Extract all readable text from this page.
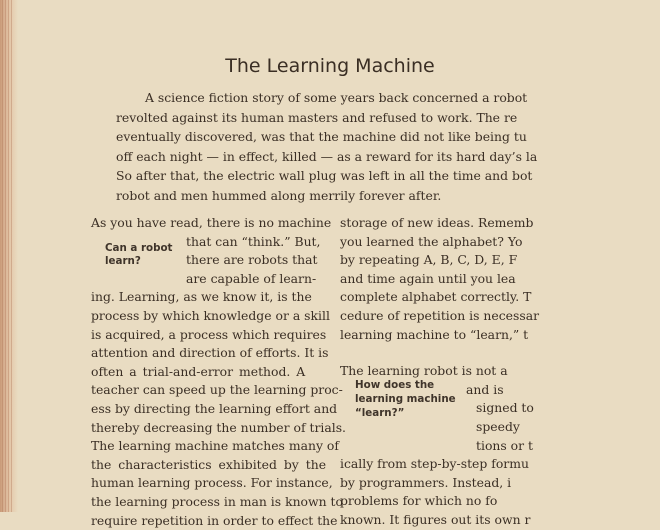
The Learning Machine
A science fiction story of some years back concerned a robot
revolted against its human masters and refused to work. The re
eventually discovered, was that the machine did not like being tu
off each night — in effect, killed — as a reward for its hard day’s la
So after that, the electric wall plug was left in all the time and bot
robot and men hummed along merrily forever after.
As you have read, there is no machine
that can “think.” But,
there are robots that
are capable of learn-
ing. Learning, as we know it, is the
process by which knowledge or a skill
is acquired, a process which requires
attention and direction of efforts. It is
often a trial-and-error method. A
teacher can speed up the learning proc-
ess by directing the learning effort and
thereby decreasing the number of trials.
The learning machine matches many of
the characteristics exhibited by the
human learning process. For instance,
the learning process in man is known to
require repetition in order to effect the
Can a robot
learn?
storage of new ideas. Rememb
you learned the alphabet? Yo
by repeating A, B, C, D, E, F
and time again until you lea
complete alphabet correctly. T
cedure of repetition is necessar
learning machine to “learn,” t
The learning robot is not a
and is
signed to
speedy
tions or t
ically from step-by-step formu
by programmers. Instead, i
problems for which no fo
known. It figures out its own r
How does the
learning machine
“learn?”
